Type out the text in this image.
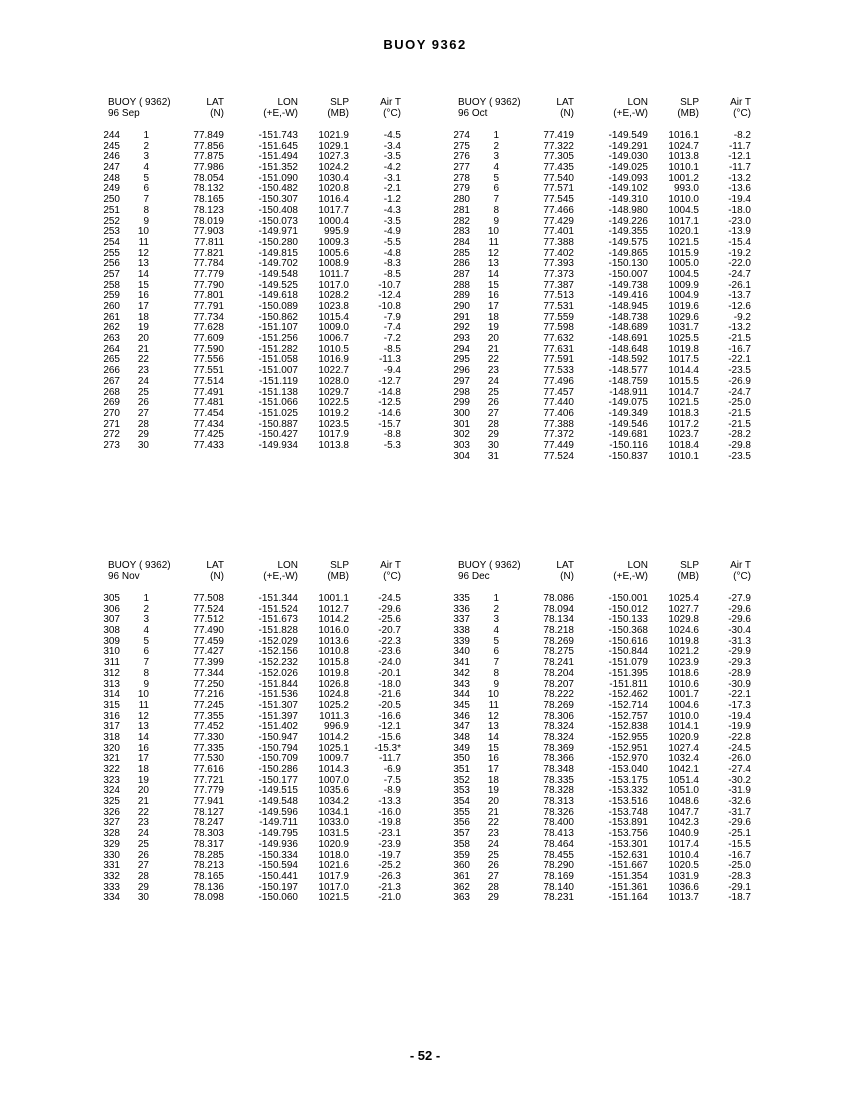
BUOY 9362
BUOY ( 9362)
96 Sep
LAT
(N)
LON
(+E,-W)
SLP
(MB)
Air T
(°C)
244	1	77.849	-151.743	1021.9	-4.5
245	2	77.856	-151.645	1029.1	-3.4
246	3	77.875	-151.494	1027.3	-3.5
247	4	77.986	-151.352	1024.2	-4.2
248	5	78.054	-151.090	1030.4	-3.1
249	6	78.132	-150.482	1020.8	-2.1
250	7	78.165	-150.307	1016.4	-1.2
251	8	78.123	-150.408	1017.7	-4.3
252	9	78.019	-150.073	1000.4	-3.5
253	10	77.903	-149.971	995.9	-4.9
254	11	77.811	-150.280	1009.3	-5.5
255	12	77.821	-149.815	1005.6	-4.8
256	13	77.784	-149.702	1008.9	-8.3
257	14	77.779	-149.548	1011.7	-8.5
258	15	77.790	-149.525	1017.0	-10.7
259	16	77.801	-149.618	1028.2	-12.4
260	17	77.791	-150.089	1023.8	-10.8
261	18	77.734	-150.862	1015.4	-7.9
262	19	77.628	-151.107	1009.0	-7.4
263	20	77.609	-151.256	1006.7	-7.2
264	21	77.590	-151.282	1010.5	-8.5
265	22	77.556	-151.058	1016.9	-11.3
266	23	77.551	-151.007	1022.7	-9.4
267	24	77.514	-151.119	1028.0	-12.7
268	25	77.491	-151.138	1029.7	-14.8
269	26	77.481	-151.066	1022.5	-12.5
270	27	77.454	-151.025	1019.2	-14.6
271	28	77.434	-150.887	1023.5	-15.7
272	29	77.425	-150.427	1017.9	-8.8
273	30	77.433	-149.934	1013.8	-5.3
BUOY ( 9362)
96 Oct
LAT
(N)
LON
(+E,-W)
SLP
(MB)
Air T
(°C)
274	1	77.419	-149.549	1016.1	-8.2
275	2	77.322	-149.291	1024.7	-11.7
276	3	77.305	-149.030	1013.8	-12.1
277	4	77.435	-149.025	1010.1	-11.7
278	5	77.540	-149.093	1001.2	-13.2
279	6	77.571	-149.102	993.0	-13.6
280	7	77.545	-149.310	1010.0	-19.4
281	8	77.466	-148.980	1004.5	-18.0
282	9	77.429	-149.226	1017.1	-23.0
283	10	77.401	-149.355	1020.1	-13.9
284	11	77.388	-149.575	1021.5	-15.4
285	12	77.402	-149.865	1015.9	-19.2
286	13	77.393	-150.130	1005.0	-22.0
287	14	77.373	-150.007	1004.5	-24.7
288	15	77.387	-149.738	1009.9	-26.1
289	16	77.513	-149.416	1004.9	-13.7
290	17	77.531	-148.945	1019.6	-12.6
291	18	77.559	-148.738	1029.6	-9.2
292	19	77.598	-148.689	1031.7	-13.2
293	20	77.632	-148.691	1025.5	-21.5
294	21	77.631	-148.648	1019.8	-16.7
295	22	77.591	-148.592	1017.5	-22.1
296	23	77.533	-148.577	1014.4	-23.5
297	24	77.496	-148.759	1015.5	-26.9
298	25	77.457	-148.911	1014.7	-24.7
299	26	77.440	-149.075	1021.5	-25.0
300	27	77.406	-149.349	1018.3	-21.5
301	28	77.388	-149.546	1017.2	-21.5
302	29	77.372	-149.681	1023.7	-28.2
303	30	77.449	-150.116	1018.4	-29.8
304	31	77.524	-150.837	1010.1	-23.5
BUOY ( 9362)
96 Nov
LAT
(N)
LON
(+E,-W)
SLP
(MB)
Air T
(°C)
305	1	77.508	-151.344	1001.1	-24.5
306	2	77.524	-151.524	1012.7	-29.6
307	3	77.512	-151.673	1014.2	-25.6
308	4	77.490	-151.828	1016.0	-20.7
309	5	77.459	-152.029	1013.6	-22.3
310	6	77.427	-152.156	1010.8	-23.6
311	7	77.399	-152.232	1015.8	-24.0
312	8	77.344	-152.026	1019.8	-20.1
313	9	77.250	-151.844	1026.8	-18.0
314	10	77.216	-151.536	1024.8	-21.6
315	11	77.245	-151.307	1025.2	-20.5
316	12	77.355	-151.397	1011.3	-16.6
317	13	77.452	-151.402	996.9	-12.1
318	14	77.330	-150.947	1014.2	-15.6
320	16	77.335	-150.794	1025.1	-15.3*
321	17	77.530	-150.709	1009.7	-11.7
322	18	77.616	-150.286	1014.3	-6.9
323	19	77.721	-150.177	1007.0	-7.5
324	20	77.779	-149.515	1035.6	-8.9
325	21	77.941	-149.548	1034.2	-13.3
326	22	78.127	-149.596	1034.1	-16.0
327	23	78.247	-149.711	1033.0	-19.8
328	24	78.303	-149.795	1031.5	-23.1
329	25	78.317	-149.936	1020.9	-23.9
330	26	78.285	-150.334	1018.0	-19.7
331	27	78.213	-150.594	1021.6	-25.2
332	28	78.165	-150.441	1017.9	-26.3
333	29	78.136	-150.197	1017.0	-21.3
334	30	78.098	-150.060	1021.5	-21.0
BUOY ( 9362)
96 Dec
LAT
(N)
LON
(+E,-W)
SLP
(MB)
Air T
(°C)
335	1	78.086	-150.001	1025.4	-27.9
336	2	78.094	-150.012	1027.7	-29.6
337	3	78.134	-150.133	1029.8	-29.6
338	4	78.218	-150.368	1024.6	-30.4
339	5	78.269	-150.616	1019.8	-31.3
340	6	78.275	-150.844	1021.2	-29.9
341	7	78.241	-151.079	1023.9	-29.3
342	8	78.204	-151.395	1018.6	-28.9
343	9	78.207	-151.811	1010.6	-30.9
344	10	78.222	-152.462	1001.7	-22.1
345	11	78.269	-152.714	1004.6	-17.3
346	12	78.306	-152.757	1010.0	-19.4
347	13	78.324	-152.838	1014.1	-19.9
348	14	78.324	-152.955	1020.9	-22.8
349	15	78.369	-152.951	1027.4	-24.5
350	16	78.366	-152.970	1032.4	-26.0
351	17	78.348	-153.040	1042.1	-27.4
352	18	78.335	-153.175	1051.4	-30.2
353	19	78.328	-153.332	1051.0	-31.9
354	20	78.313	-153.516	1048.6	-32.6
355	21	78.326	-153.748	1047.7	-31.7
356	22	78.400	-153.891	1042.3	-29.6
357	23	78.413	-153.756	1040.9	-25.1
358	24	78.464	-153.301	1017.4	-15.5
359	25	78.455	-152.631	1010.4	-16.7
360	26	78.290	-151.667	1020.5	-25.0
361	27	78.169	-151.354	1031.9	-28.3
362	28	78.140	-151.361	1036.6	-29.1
363	29	78.231	-151.164	1013.7	-18.7
- 52 -
